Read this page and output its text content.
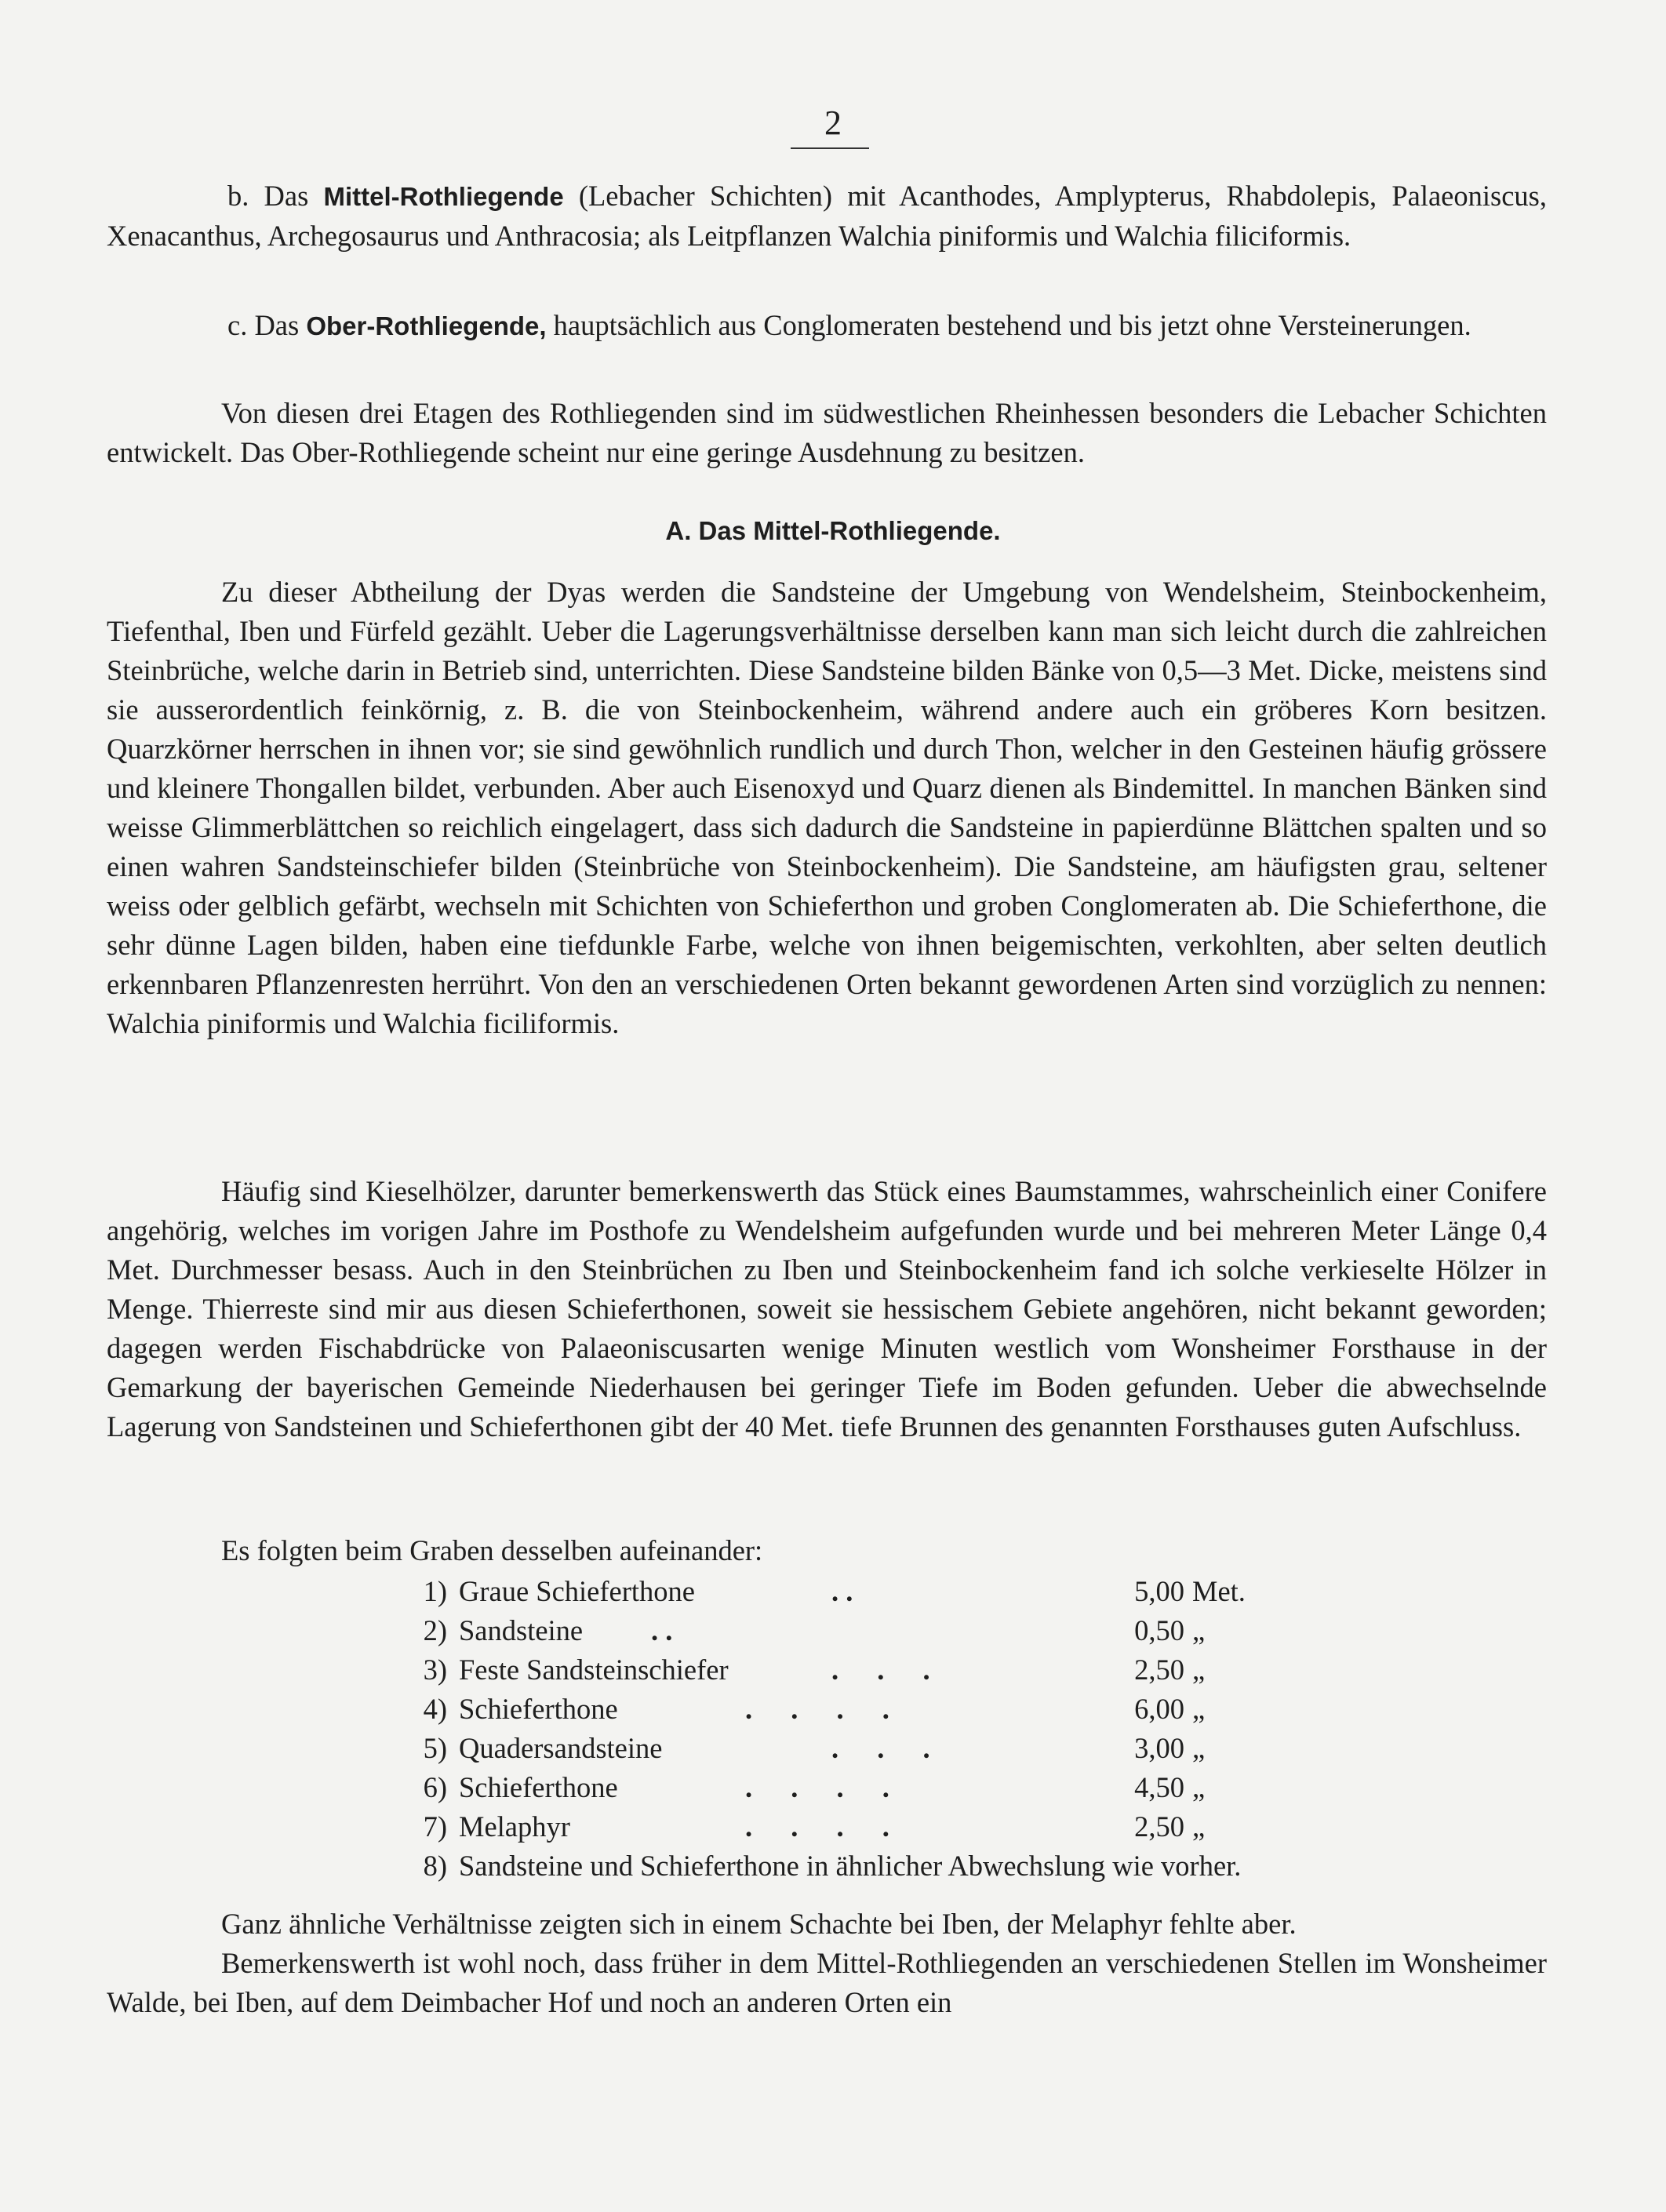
2
b. Das Mittel-Rothliegende (Lebacher Schichten) mit Acanthodes, Amplypterus, Rhabdolepis, Palaeoniscus, Xenacanthus, Archegosaurus und Anthracosia; als Leitpflanzen Walchia piniformis und Walchia filiciformis.
c. Das Ober-Rothliegende, hauptsächlich aus Conglomeraten bestehend und bis jetzt ohne Versteinerungen.
Von diesen drei Etagen des Rothliegenden sind im südwestlichen Rheinhessen besonders die Lebacher Schichten entwickelt. Das Ober-Rothliegende scheint nur eine geringe Ausdehnung zu besitzen.
A. Das Mittel-Rothliegende.
Zu dieser Abtheilung der Dyas werden die Sandsteine der Umgebung von Wendelsheim, Steinbockenheim, Tiefenthal, Iben und Fürfeld gezählt. Ueber die Lagerungsverhältnisse derselben kann man sich leicht durch die zahlreichen Steinbrüche, welche darin in Betrieb sind, unterrichten. Diese Sandsteine bilden Bänke von 0,5—3 Met. Dicke, meistens sind sie ausserordentlich feinkörnig, z. B. die von Steinbockenheim, während andere auch ein gröberes Korn besitzen. Quarzkörner herrschen in ihnen vor; sie sind gewöhnlich rundlich und durch Thon, welcher in den Gesteinen häufig grössere und kleinere Thongallen bildet, verbunden. Aber auch Eisenoxyd und Quarz dienen als Bindemittel. In manchen Bänken sind weisse Glimmerblättchen so reichlich eingelagert, dass sich dadurch die Sandsteine in papierdünne Blättchen spalten und so einen wahren Sandsteinschiefer bilden (Steinbrüche von Steinbockenheim). Die Sandsteine, am häufigsten grau, seltener weiss oder gelblich gefärbt, wechseln mit Schichten von Schieferthon und groben Conglomeraten ab. Die Schieferthone, die sehr dünne Lagen bilden, haben eine tiefdunkle Farbe, welche von ihnen beigemischten, verkohlten, aber selten deutlich erkennbaren Pflanzenresten herrührt. Von den an verschiedenen Orten bekannt gewordenen Arten sind vorzüglich zu nennen: Walchia piniformis und Walchia ficiliformis.
Häufig sind Kieselhölzer, darunter bemerkenswerth das Stück eines Baumstammes, wahrscheinlich einer Conifere angehörig, welches im vorigen Jahre im Posthofe zu Wendelsheim aufgefunden wurde und bei mehreren Meter Länge 0,4 Met. Durchmesser besass. Auch in den Steinbrüchen zu Iben und Steinbockenheim fand ich solche verkieselte Hölzer in Menge. Thierreste sind mir aus diesen Schieferthonen, soweit sie hessischem Gebiete angehören, nicht bekannt geworden; dagegen werden Fischabdrücke von Palaeoniscusarten wenige Minuten westlich vom Wonsheimer Forsthause in der Gemarkung der bayerischen Gemeinde Niederhausen bei geringer Tiefe im Boden gefunden. Ueber die abwechselnde Lagerung von Sandsteinen und Schieferthonen gibt der 40 Met. tiefe Brunnen des genannten Forsthauses guten Aufschluss.
Es folgten beim Graben desselben aufeinander:
1) Graue Schieferthone	. .	5,00 Met.
2) Sandsteine . .	0,50 „
3) Feste Sandsteinschiefer	. . .	2,50 „
4) Schieferthone	. . . .	6,00 „
5) Quadersandsteine	. . .	3,00 „
6) Schieferthone	. . . .	4,50 „
7) Melaphyr	. . . .	2,50 „
8) Sandsteine und Schieferthone in ähnlicher Abwechslung wie vorher.
Ganz ähnliche Verhältnisse zeigten sich in einem Schachte bei Iben, der Melaphyr fehlte aber.
Bemerkenswerth ist wohl noch, dass früher in dem Mittel-Rothliegenden an verschiedenen Stellen im Wonsheimer Walde, bei Iben, auf dem Deimbacher Hof und noch an anderen Orten ein
